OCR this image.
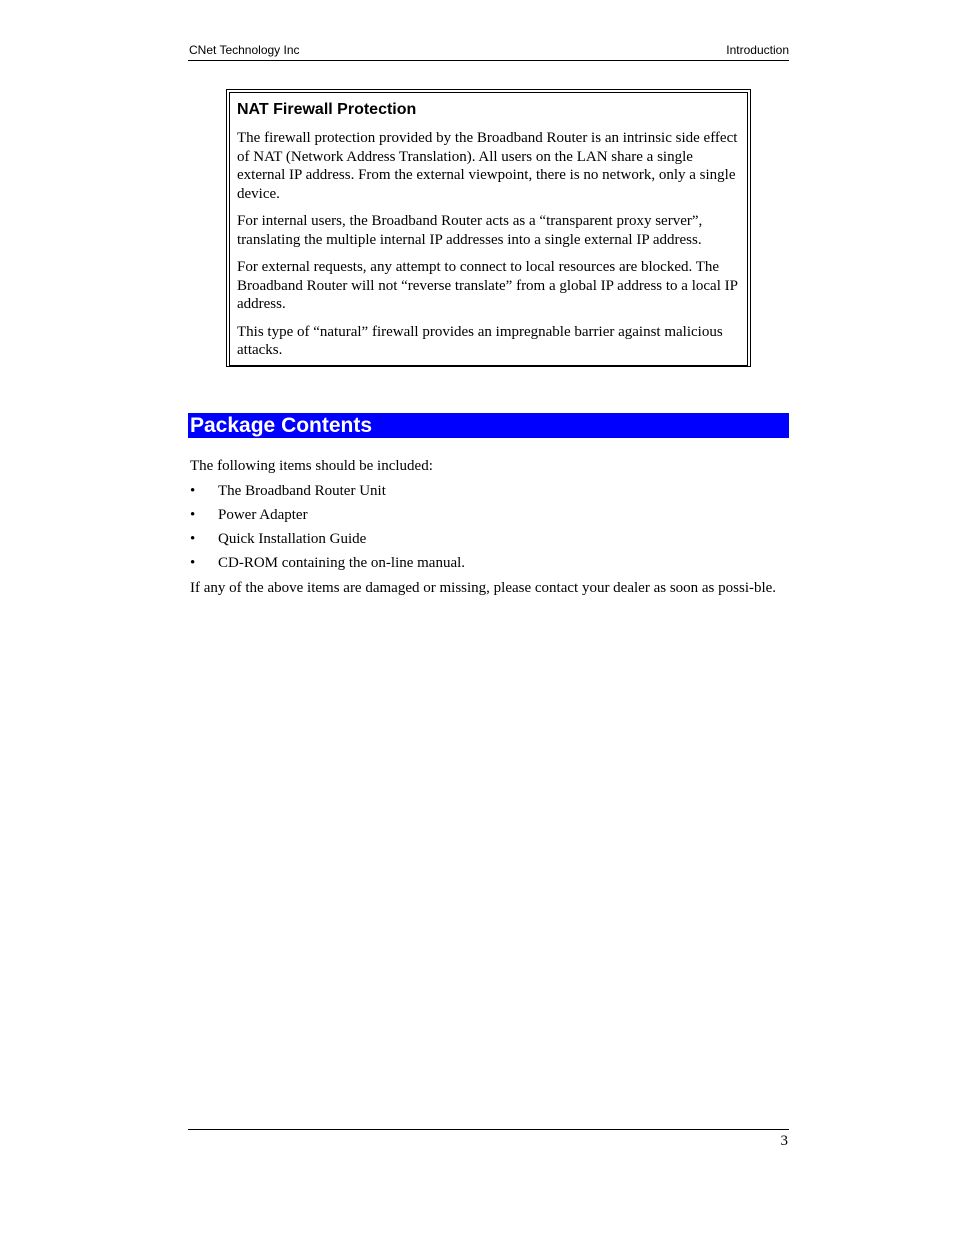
CNet Technology Inc	Introduction
NAT Firewall Protection

The firewall protection provided by the Broadband Router is an intrinsic side effect of NAT (Network Address Translation). All users on the LAN share a single external IP address. From the external viewpoint, there is no network, only a single device.

For internal users, the Broadband Router acts as a “transparent proxy server”, translating the multiple internal IP addresses into a single external IP address.

For external requests, any attempt to connect to local resources are blocked. The Broadband Router will not “reverse translate” from a global IP address to a local IP address.

This type of “natural” firewall provides an impregnable barrier against malicious attacks.

Package Contents

The following items should be included:

• The Broadband Router Unit
• Power Adapter
• Quick Installation Guide
• CD-ROM containing the on-line manual.

If any of the above items are damaged or missing, please contact your dealer as soon as possi-ble.

3
